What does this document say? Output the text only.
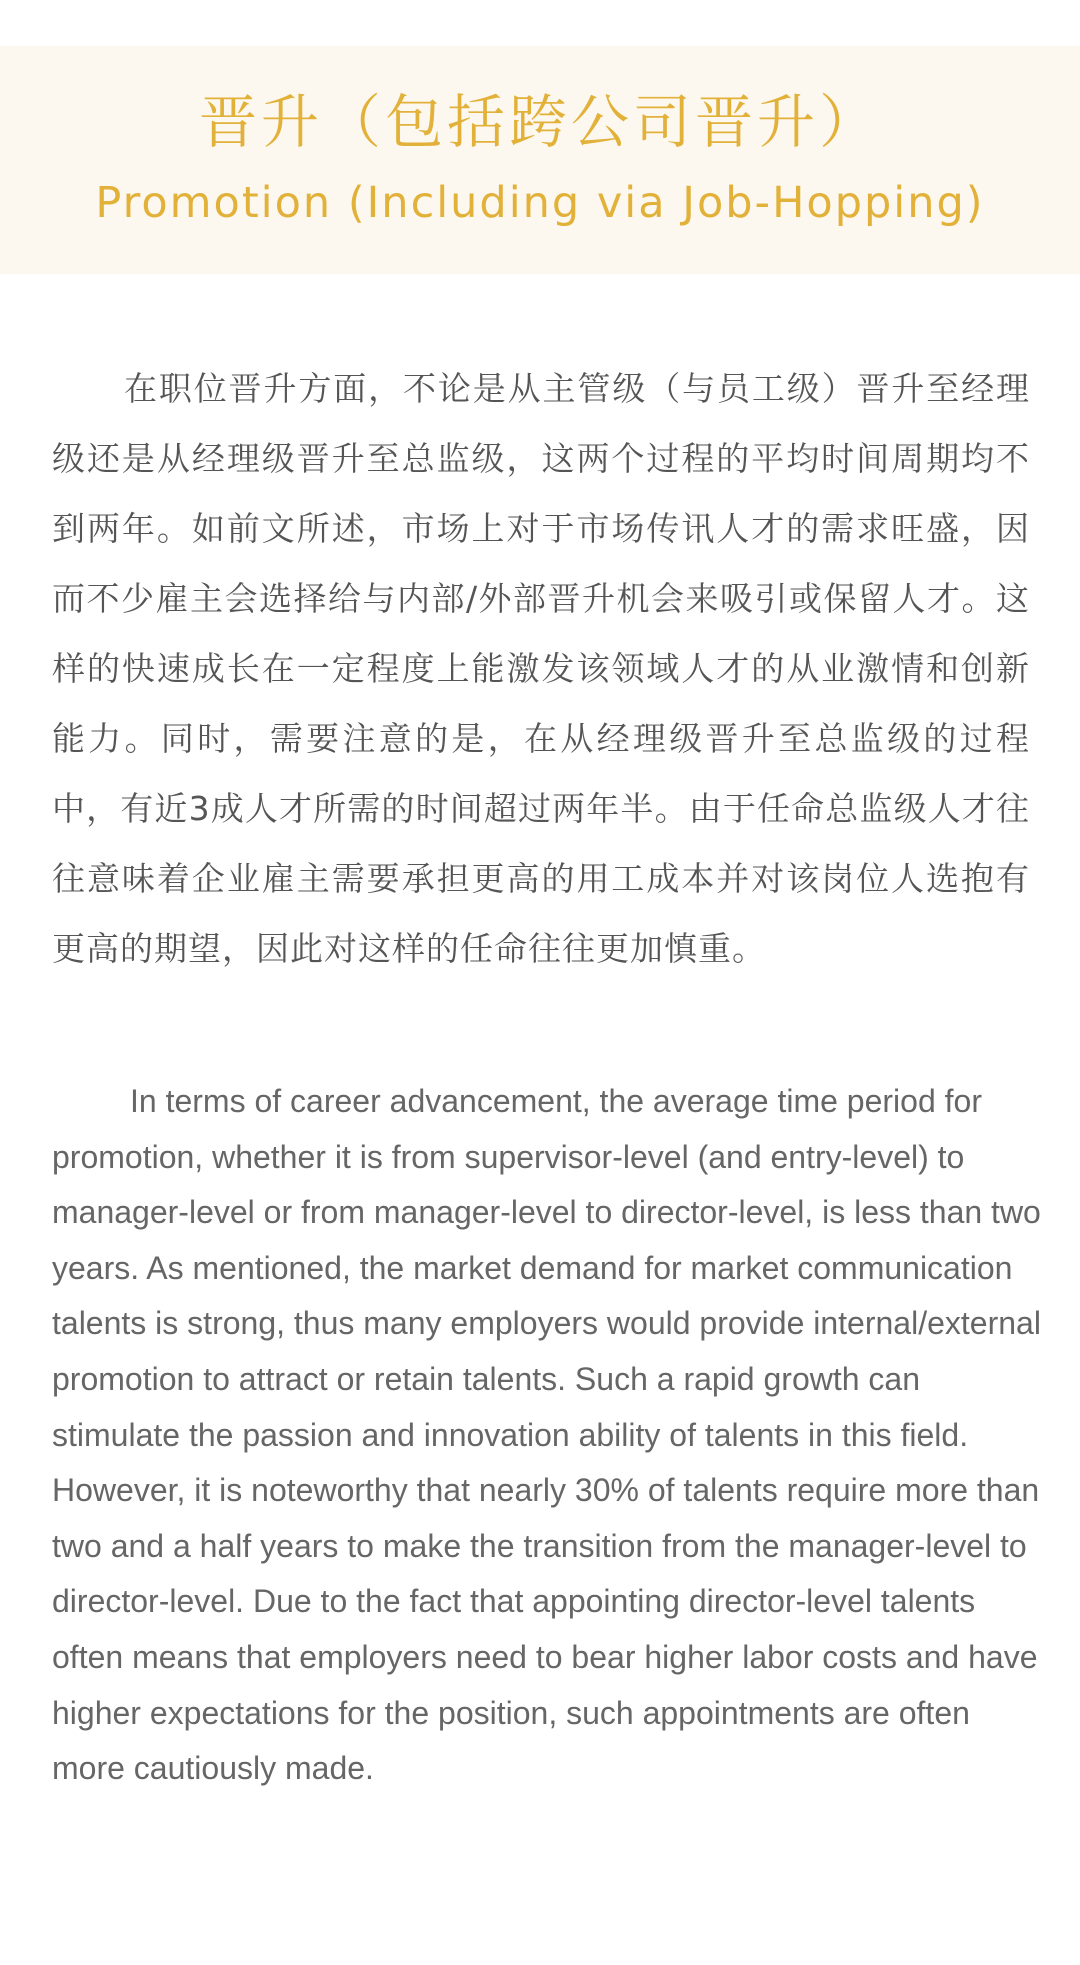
晋升（包括跨公司晋升）
Promotion (Including via Job-Hopping)

在职位晋升方面，不论是从主管级（与员工级）晋升至经理级还是从经理级晋升至总监级，这两个过程的平均时间周期均不到两年。如前文所述，市场上对于市场传讯人才的需求旺盛，因而不少雇主会选择给与内部/外部晋升机会来吸引或保留人才。这样的快速成长在一定程度上能激发该领域人才的从业激情和创新能力。同时，需要注意的是，在从经理级晋升至总监级的过程中，有近3成人才所需的时间超过两年半。由于任命总监级人才往往意味着企业雇主需要承担更高的用工成本并对该岗位人选抱有更高的期望，因此对这样的任命往往更加慎重。

In terms of career advancement, the average time period for promotion, whether it is from supervisor-level (and entry-level) to manager-level or from manager-level to director-level, is less than two years. As mentioned, the market demand for market communication talents is strong, thus many employers would provide internal/external promotion to attract or retain talents. Such a rapid growth can stimulate the passion and innovation ability of talents in this field. However, it is noteworthy that nearly 30% of talents require more than two and a half years to make the transition from the manager-level to director-level. Due to the fact that appointing director-level talents often means that employers need to bear higher labor costs and have higher expectations for the position, such appointments are often more cautiously made.
